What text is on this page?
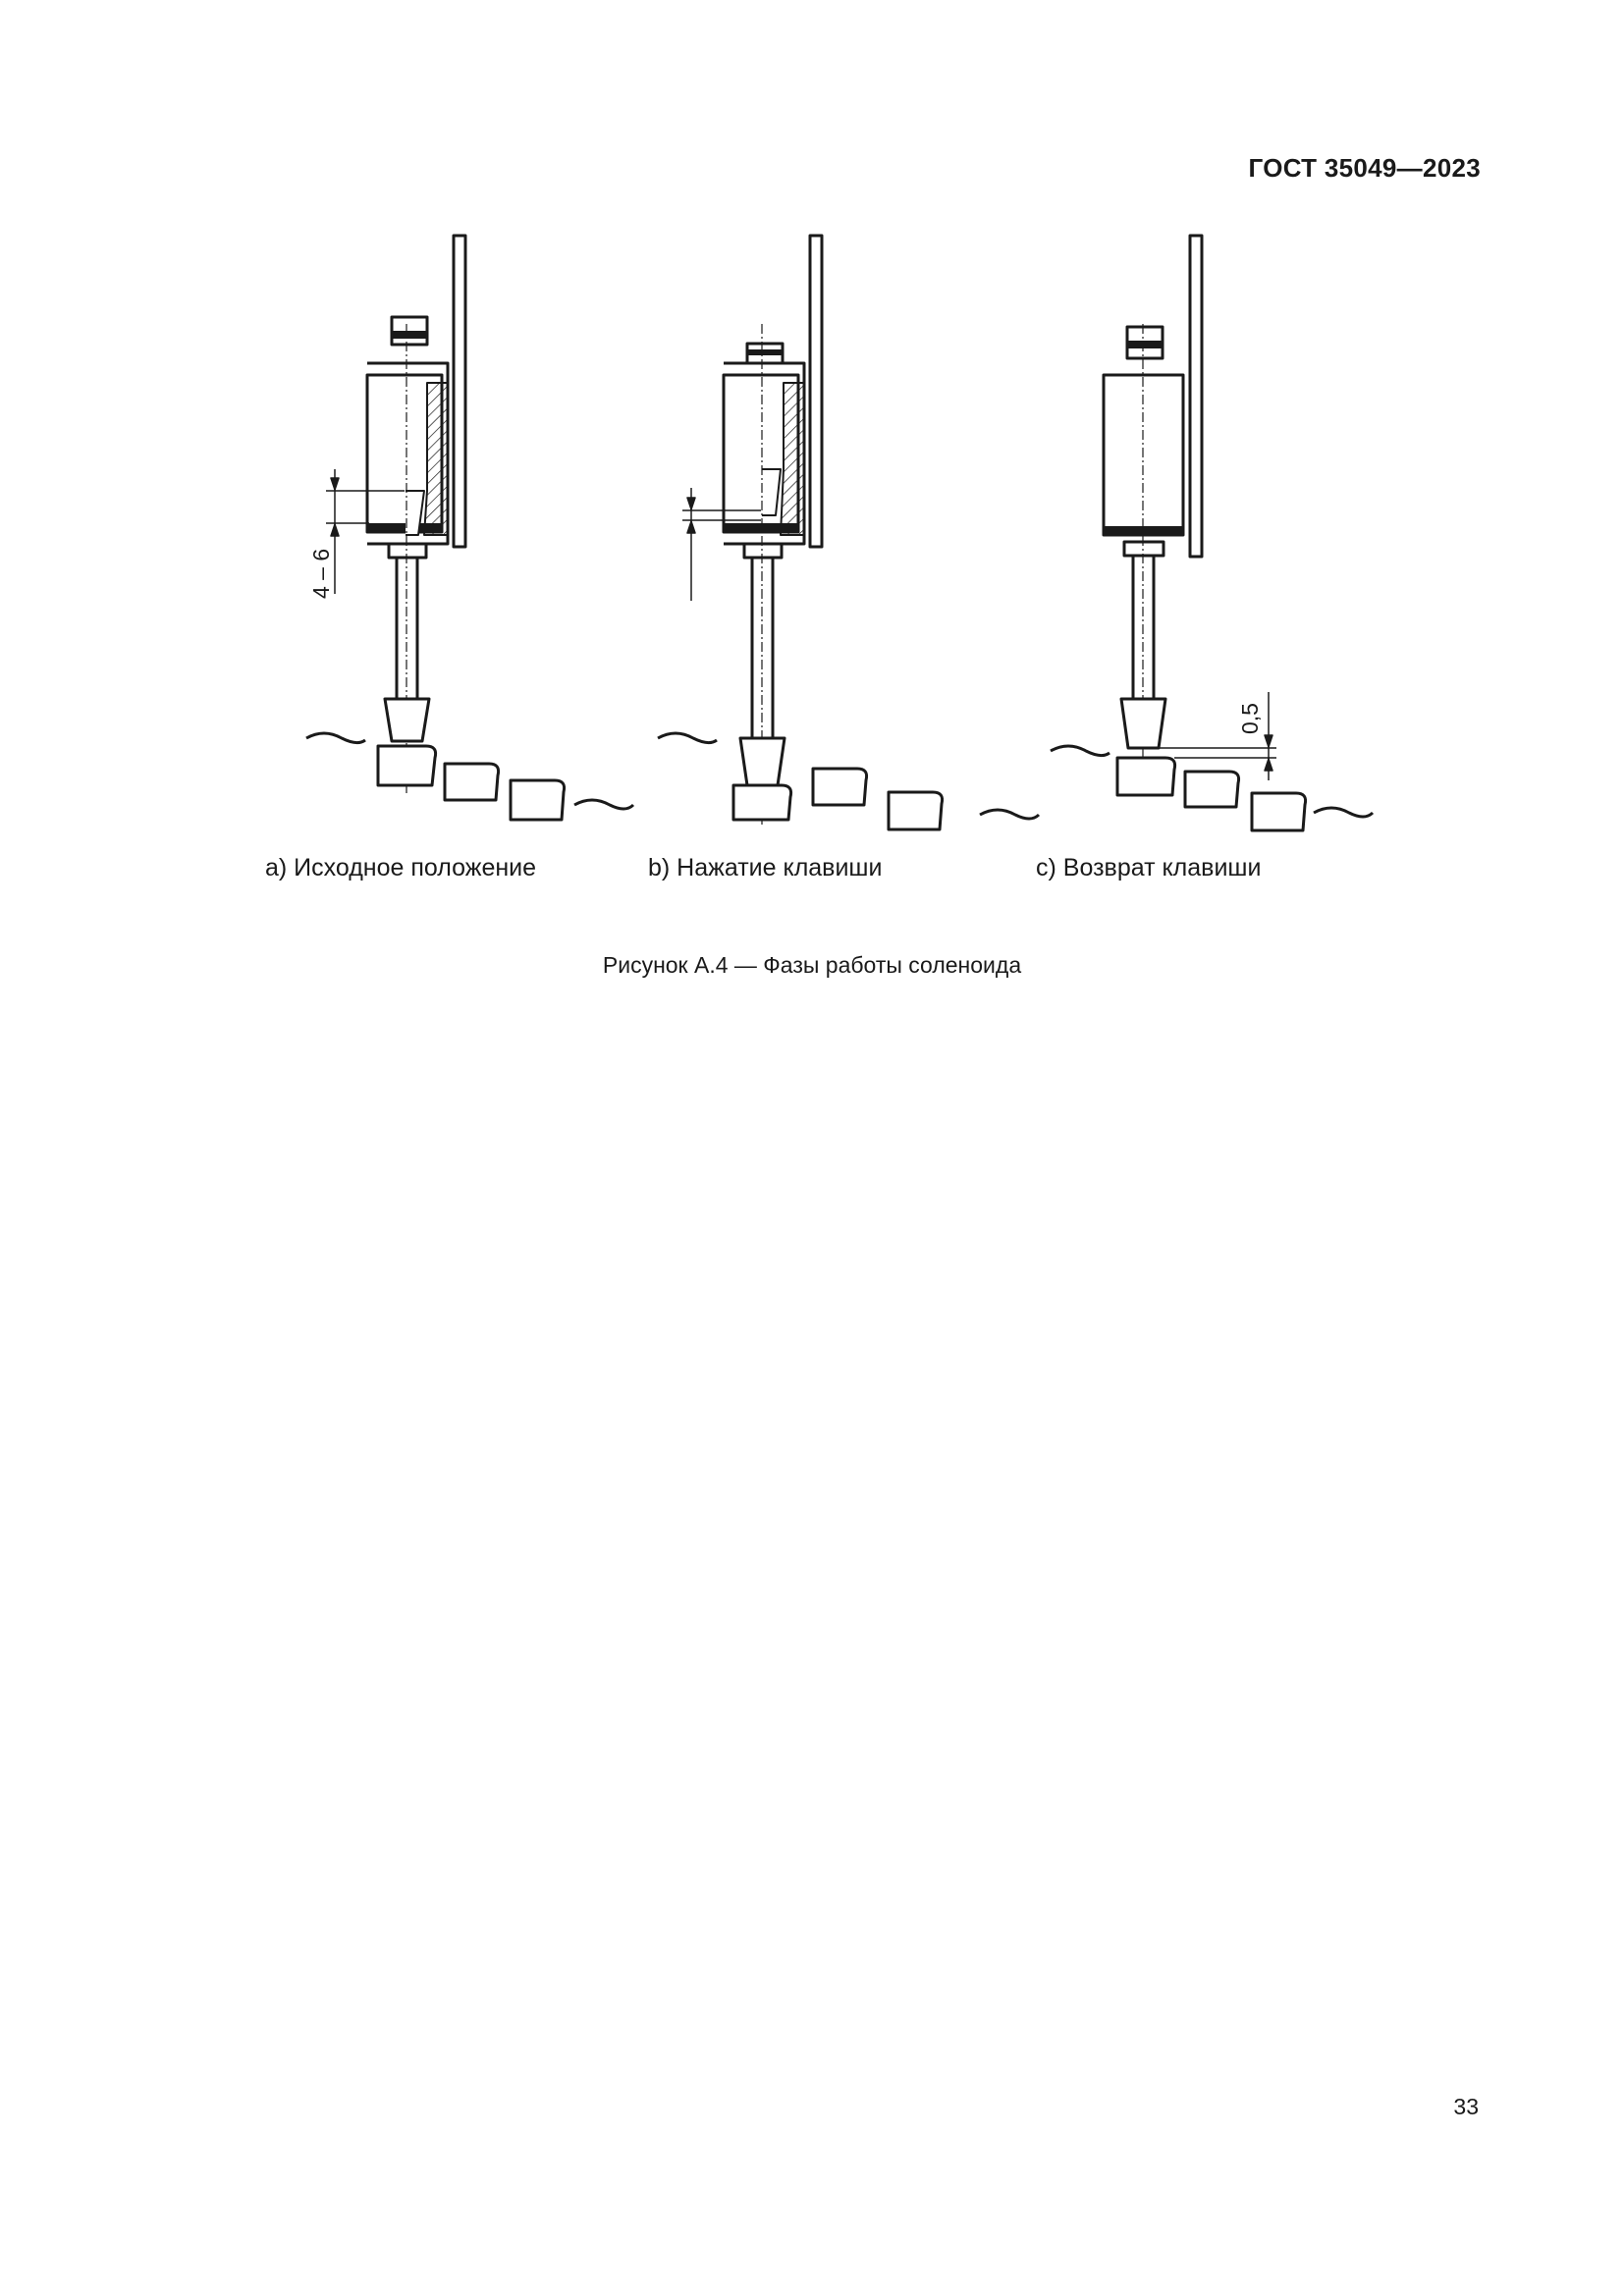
ГОСТ 35049—2023
4 – 6
0,5
a) Исходное положение	b) Нажатие клавиши	c) Возврат клавиши
Рисунок А.4 — Фазы работы соленоида
33
